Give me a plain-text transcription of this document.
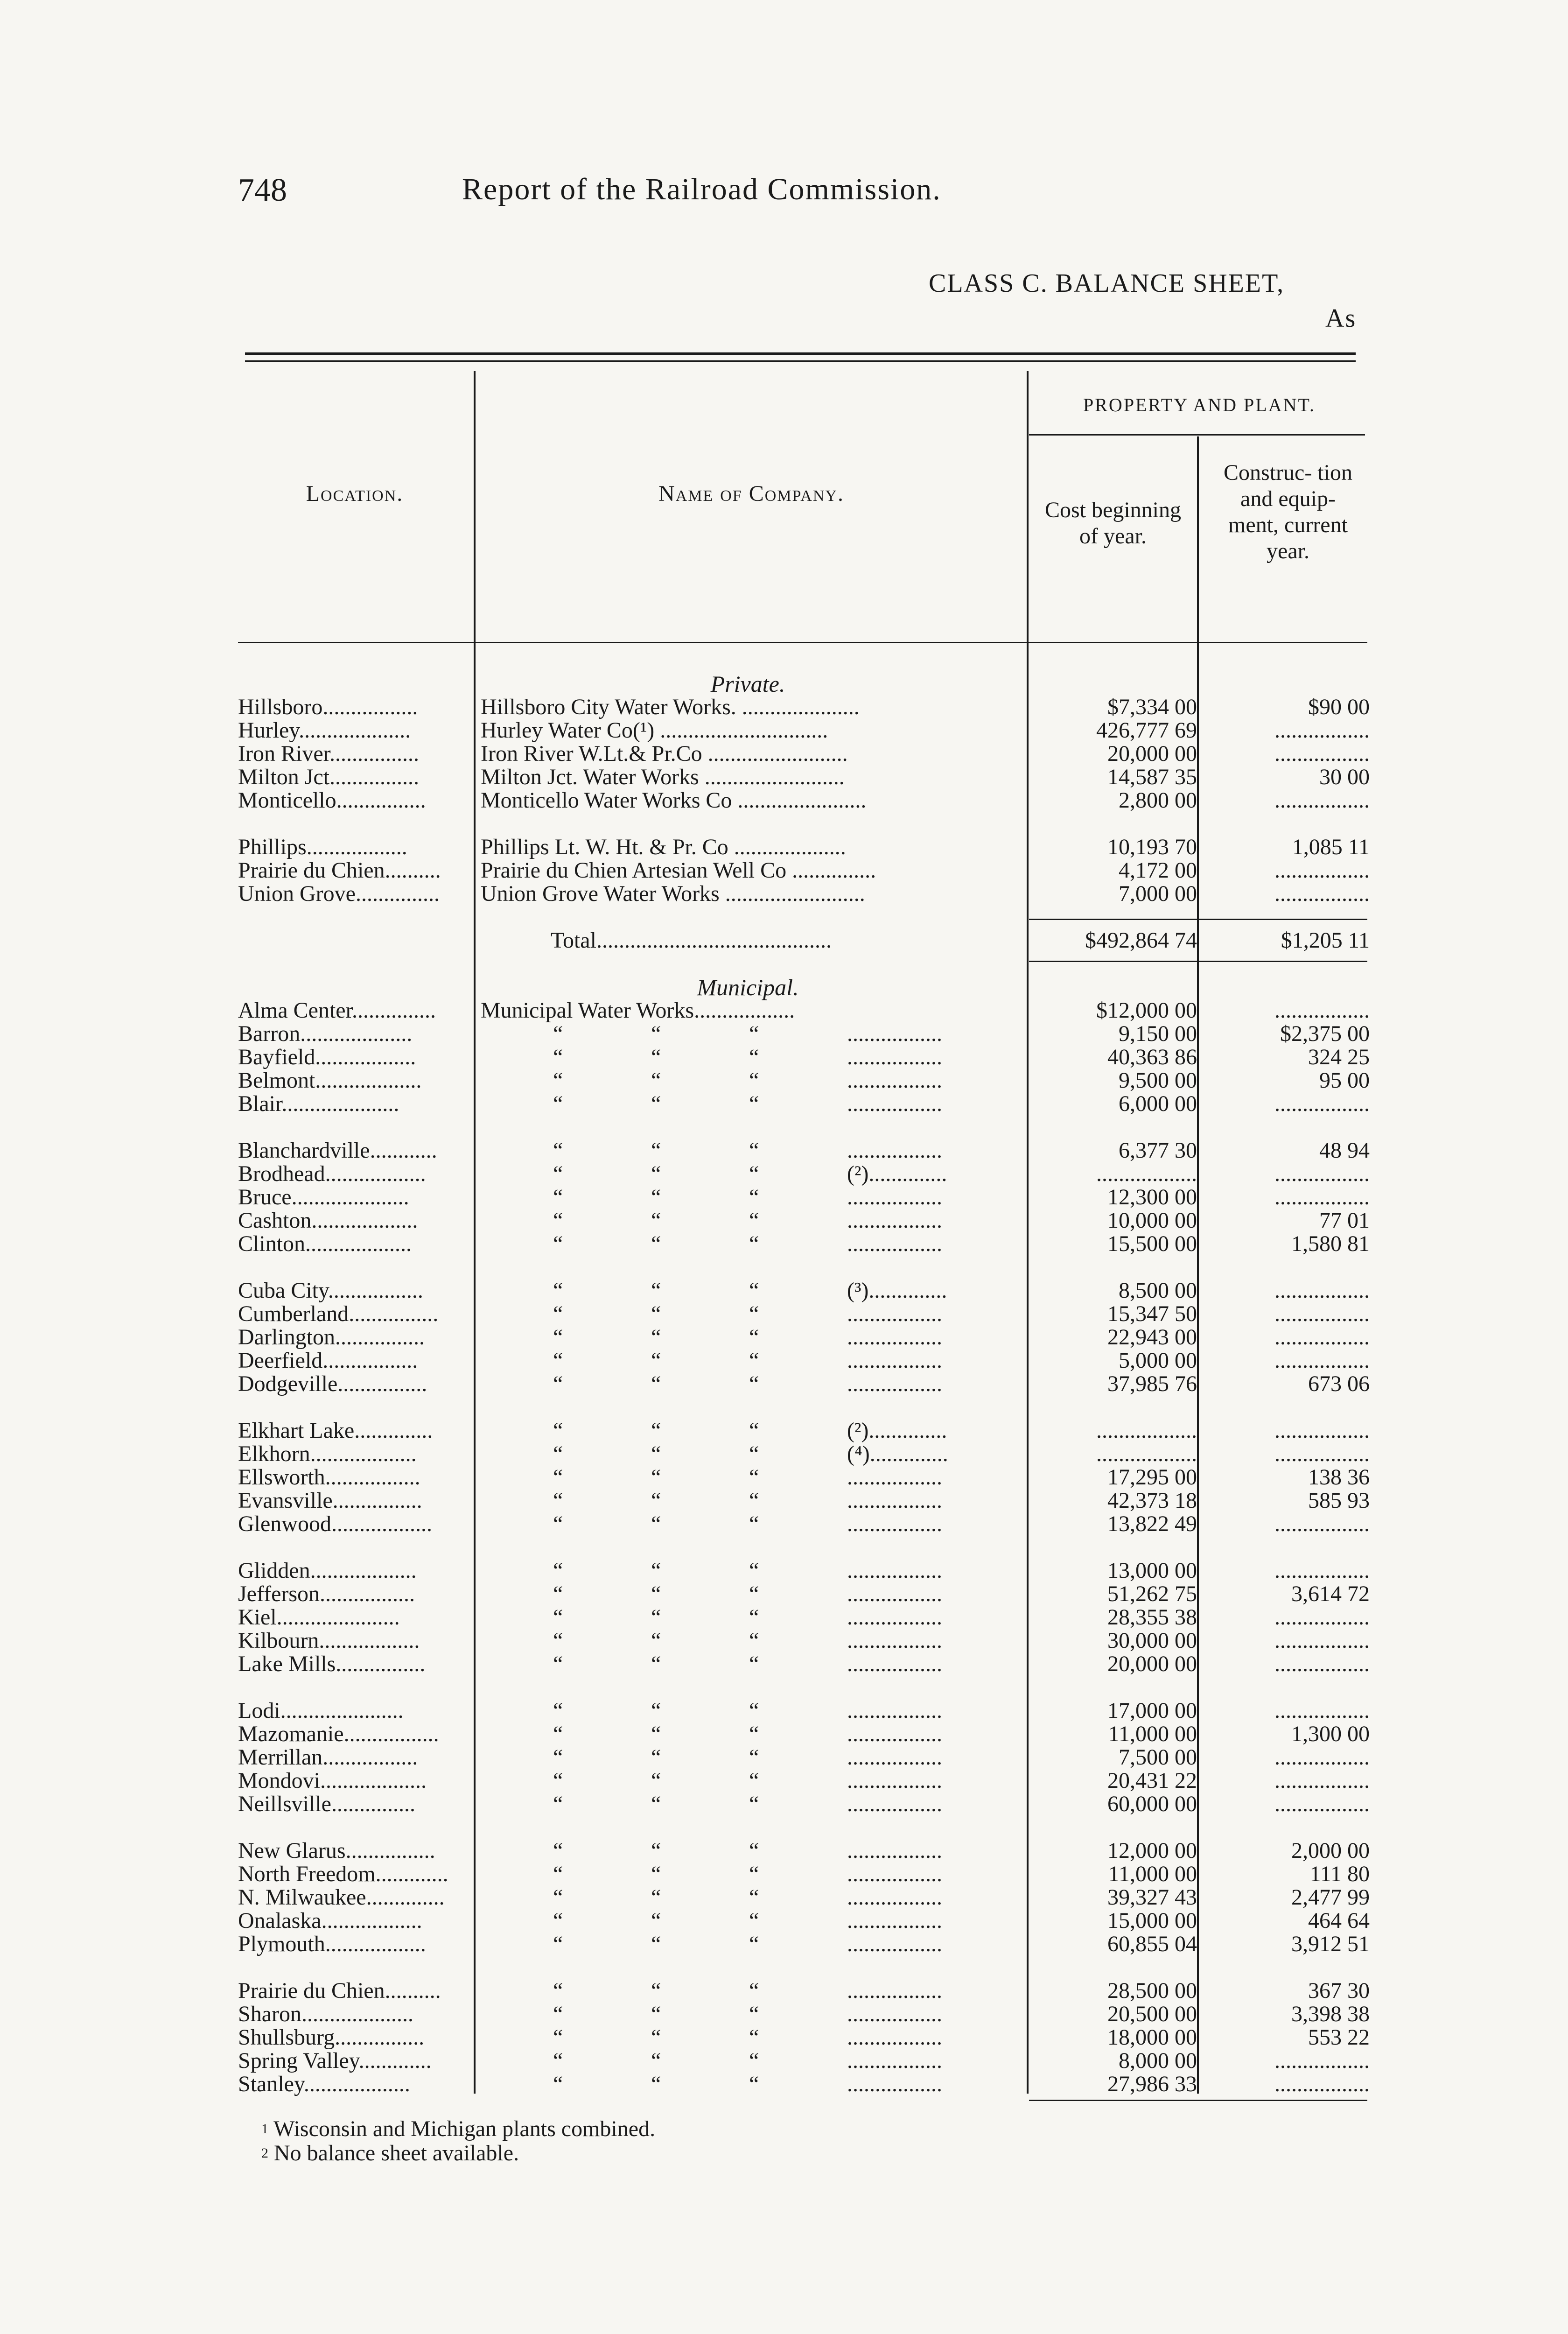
748	Report of the Railroad Commission.
CLASS C. BALANCE SHEET,
As
Location.	Name of Company.
PROPERTY AND PLANT.
Cost beginning of year.
Construc- tion and equip- ment, current year.
Private.
Hillsboro.................	Hillsboro City Water Works. .....................	$7,334 00	$90 00
Hurley....................	Hurley Water Co(¹) ..............................	426,777 69	.................
Iron River................	Iron River W.Lt.& Pr.Co .........................	20,000 00	.................
Milton Jct................	Milton Jct. Water Works .........................	14,587 35	30 00
Monticello................	Monticello Water Works Co .......................	2,800 00	.................
Phillips..................	Phillips Lt. W. Ht. & Pr. Co ....................	10,193 70	1,085 11
Prairie du Chien..........	Prairie du Chien Artesian Well Co ...............	4,172 00	.................
Union Grove...............	Union Grove Water Works .........................	7,000 00	.................
Total..........................................	$492,864 74	$1,205 11
Municipal.
Alma Center...............	Municipal Water Works..................	$12,000 00	.................
Barron....................	“	“	“	.................	9,150 00	$2,375 00
Bayfield..................	“	“	“	.................	40,363 86	324 25
Belmont...................	“	“	“	.................	9,500 00	95 00
Blair.....................	“	“	“	.................	6,000 00	.................
Blanchardville............	“	“	“	.................	6,377 30	48 94
Brodhead..................	“	“	“	(²)..............	..................	.................
Bruce.....................	“	“	“	.................	12,300 00	.................
Cashton...................	“	“	“	.................	10,000 00	77 01
Clinton...................	“	“	“	.................	15,500 00	1,580 81
Cuba City.................	“	“	“	(³)..............	8,500 00	.................
Cumberland................	“	“	“	.................	15,347 50	.................
Darlington................	“	“	“	.................	22,943 00	.................
Deerfield.................	“	“	“	.................	5,000 00	.................
Dodgeville................	“	“	“	.................	37,985 76	673 06
Elkhart Lake..............	“	“	“	(²)..............	..................	.................
Elkhorn...................	“	“	“	(⁴)..............	..................	.................
Ellsworth.................	“	“	“	.................	17,295 00	138 36
Evansville................	“	“	“	.................	42,373 18	585 93
Glenwood..................	“	“	“	.................	13,822 49	.................
Glidden...................	“	“	“	.................	13,000 00	.................
Jefferson.................	“	“	“	.................	51,262 75	3,614 72
Kiel......................	“	“	“	.................	28,355 38	.................
Kilbourn..................	“	“	“	.................	30,000 00	.................
Lake Mills................	“	“	“	.................	20,000 00	.................
Lodi......................	“	“	“	.................	17,000 00	.................
Mazomanie.................	“	“	“	.................	11,000 00	1,300 00
Merrillan.................	“	“	“	.................	7,500 00	.................
Mondovi...................	“	“	“	.................	20,431 22	.................
Neillsville...............	“	“	“	.................	60,000 00	.................
New Glarus................	“	“	“	.................	12,000 00	2,000 00
North Freedom.............	“	“	“	.................	11,000 00	111 80
N. Milwaukee..............	“	“	“	.................	39,327 43	2,477 99
Onalaska..................	“	“	“	.................	15,000 00	464 64
Plymouth..................	“	“	“	.................	60,855 04	3,912 51
Prairie du Chien..........	“	“	“	.................	28,500 00	367 30
Sharon....................	“	“	“	.................	20,500 00	3,398 38
Shullsburg................	“	“	“	.................	18,000 00	553 22
Spring Valley.............	“	“	“	.................	8,000 00	.................
Stanley...................	“	“	“	.................	27,986 33	.................
$^1$ Wisconsin and Michigan plants combined.
$^2$ No balance sheet available.
